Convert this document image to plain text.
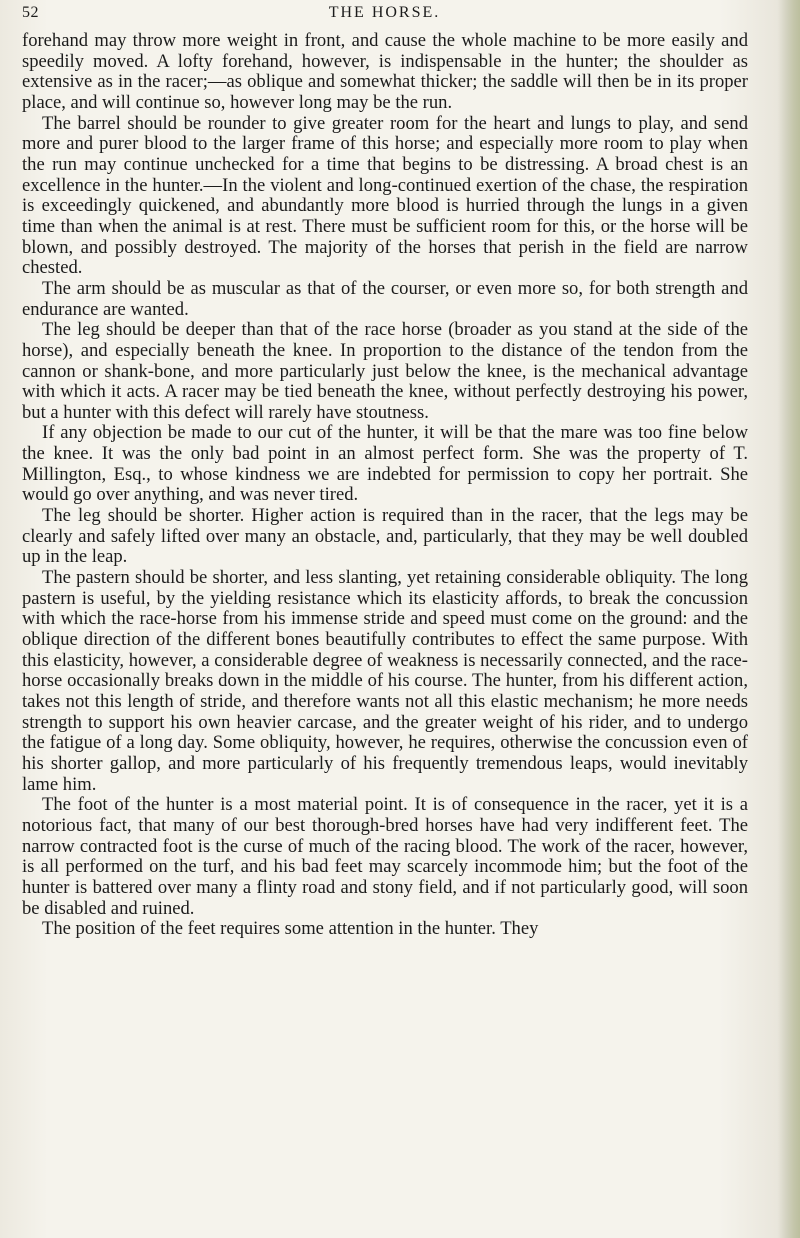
52	THE HORSE.

forehand may throw more weight in front, and cause the whole machine to be more easily and speedily moved. A lofty forehand, however, is indispensable in the hunter; the shoulder as extensive as in the racer;—as oblique and somewhat thicker; the saddle will then be in its proper place, and will continue so, however long may be the run.

The barrel should be rounder to give greater room for the heart and lungs to play, and send more and purer blood to the larger frame of this horse; and especially more room to play when the run may continue unchecked for a time that begins to be distressing. A broad chest is an excellence in the hunter.—In the violent and long-continued exertion of the chase, the respiration is exceedingly quickened, and abundantly more blood is hurried through the lungs in a given time than when the animal is at rest. There must be sufficient room for this, or the horse will be blown, and possibly destroyed. The majority of the horses that perish in the field are narrow chested.

The arm should be as muscular as that of the courser, or even more so, for both strength and endurance are wanted.

The leg should be deeper than that of the race horse (broader as you stand at the side of the horse), and especially beneath the knee. In proportion to the distance of the tendon from the cannon or shank-bone, and more particularly just below the knee, is the mechanical advantage with which it acts. A racer may be tied beneath the knee, without perfectly destroying his power, but a hunter with this defect will rarely have stoutness.

If any objection be made to our cut of the hunter, it will be that the mare was too fine below the knee. It was the only bad point in an almost perfect form. She was the property of T. Millington, Esq., to whose kindness we are indebted for permission to copy her portrait. She would go over anything, and was never tired.

The leg should be shorter. Higher action is required than in the racer, that the legs may be clearly and safely lifted over many an obstacle, and, particularly, that they may be well doubled up in the leap.

The pastern should be shorter, and less slanting, yet retaining considerable obliquity. The long pastern is useful, by the yielding resistance which its elasticity affords, to break the concussion with which the race-horse from his immense stride and speed must come on the ground: and the oblique direction of the different bones beautifully contributes to effect the same purpose. With this elasticity, however, a considerable degree of weakness is necessarily connected, and the race-horse occasionally breaks down in the middle of his course. The hunter, from his different action, takes not this length of stride, and therefore wants not all this elastic mechanism; he more needs strength to support his own heavier carcase, and the greater weight of his rider, and to undergo the fatigue of a long day. Some obliquity, however, he requires, otherwise the concussion even of his shorter gallop, and more particularly of his frequently tremendous leaps, would inevitably lame him.

The foot of the hunter is a most material point. It is of consequence in the racer, yet it is a notorious fact, that many of our best thorough-bred horses have had very indifferent feet. The narrow contracted foot is the curse of much of the racing blood. The work of the racer, however, is all performed on the turf, and his bad feet may scarcely incommode him; but the foot of the hunter is battered over many a flinty road and stony field, and if not particularly good, will soon be disabled and ruined.

The position of the feet requires some attention in the hunter. They
